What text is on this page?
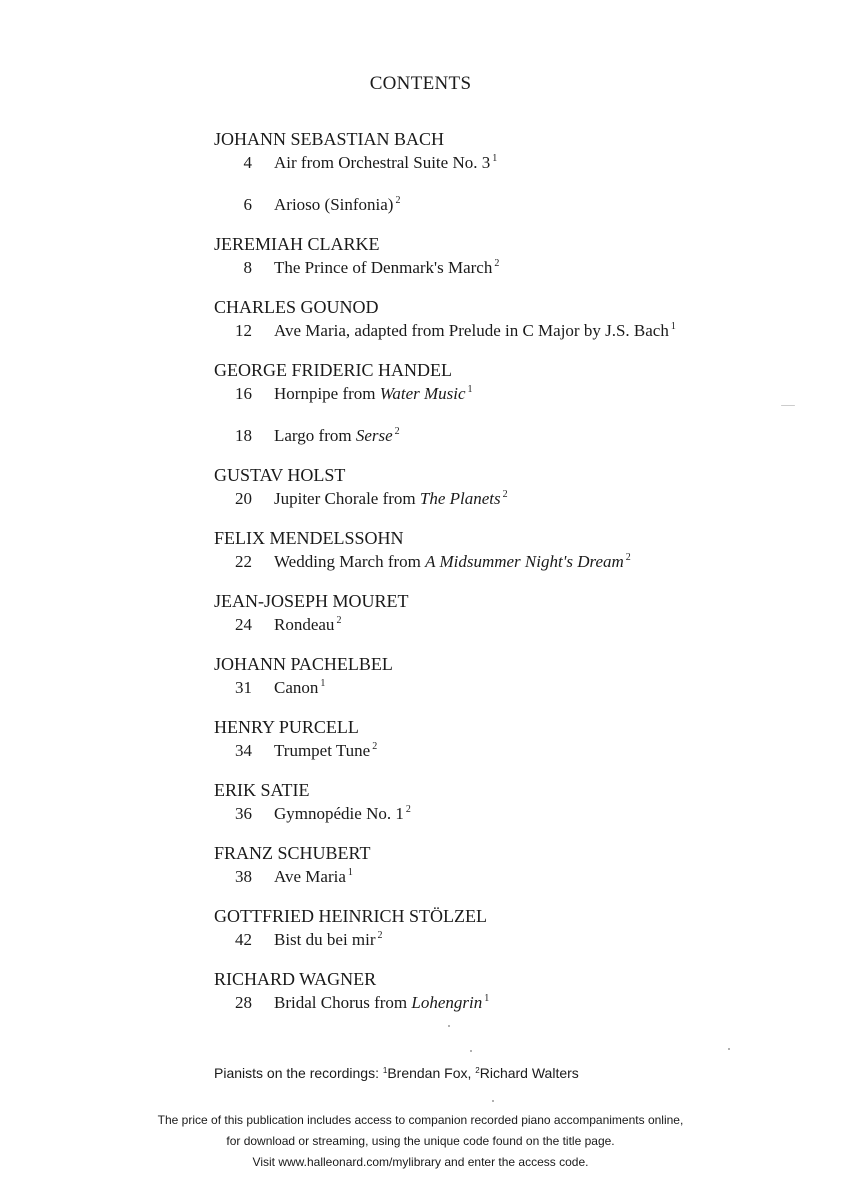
CONTENTS
JOHANN SEBASTIAN BACH
4 Air from Orchestral Suite No. 3 $^1$
6 Arioso (Sinfonia) $^2$
JEREMIAH CLARKE
8 The Prince of Denmark's March $^2$
CHARLES GOUNOD
12 Ave Maria, adapted from Prelude in C Major by J.S. Bach $^1$
GEORGE FRIDERIC HANDEL
16 Hornpipe from Water Music $^1$
18 Largo from Serse $^2$
GUSTAV HOLST
20 Jupiter Chorale from The Planets $^2$
FELIX MENDELSSOHN
22 Wedding March from A Midsummer Night's Dream $^2$
JEAN-JOSEPH MOURET
24 Rondeau $^2$
JOHANN PACHELBEL
31 Canon $^1$
HENRY PURCELL
34 Trumpet Tune $^2$
ERIK SATIE
36 Gymnopédie No. 1 $^2$
FRANZ SCHUBERT
38 Ave Maria $^1$
GOTTFRIED HEINRICH STÖLZEL
42 Bist du bei mir $^2$
RICHARD WAGNER
28 Bridal Chorus from Lohengrin $^1$
Pianists on the recordings: $^1$Brendan Fox, $^2$Richard Walters
The price of this publication includes access to companion recorded piano accompaniments online,
for download or streaming, using the unique code found on the title page.
Visit www.halleonard.com/mylibrary and enter the access code.
